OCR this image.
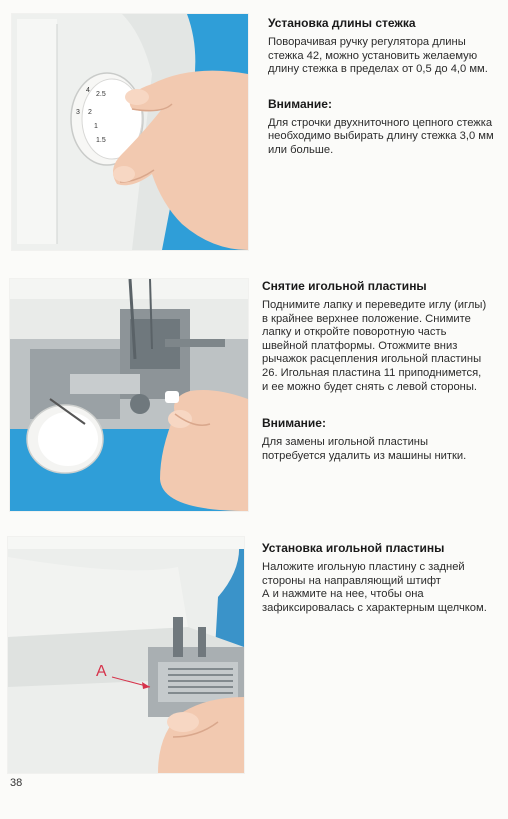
4
2.5
3 2
1
1.5
Установка длины стежка

Поворачивая ручку регулятора длины
стежка 42, можно установить желаемую
длину стежка в пределах от 0,5 до 4,0 мм.

Внимание:

Для строчки двухниточного цепного стежка
необходимо выбирать длину стежка 3,0 мм
или больше.

Снятие игольной пластины

Поднимите лапку и переведите иглу (иглы)
в крайнее верхнее положение. Снимите
лапку и откройте поворотную часть
швейной платформы. Отожмите вниз
рычажок расцепления игольной пластины
26. Игольная пластина 11 приподнимется,
и ее можно будет снять с левой стороны.

Внимание:

Для замены игольной пластины
потребуется удалить из машины нитки.

A
Установка игольной пластины

Наложите игольную пластину с задней
стороны на направляющий штифт
А и нажмите на нее, чтобы она
зафиксировалась с характерным щелчком.

38
